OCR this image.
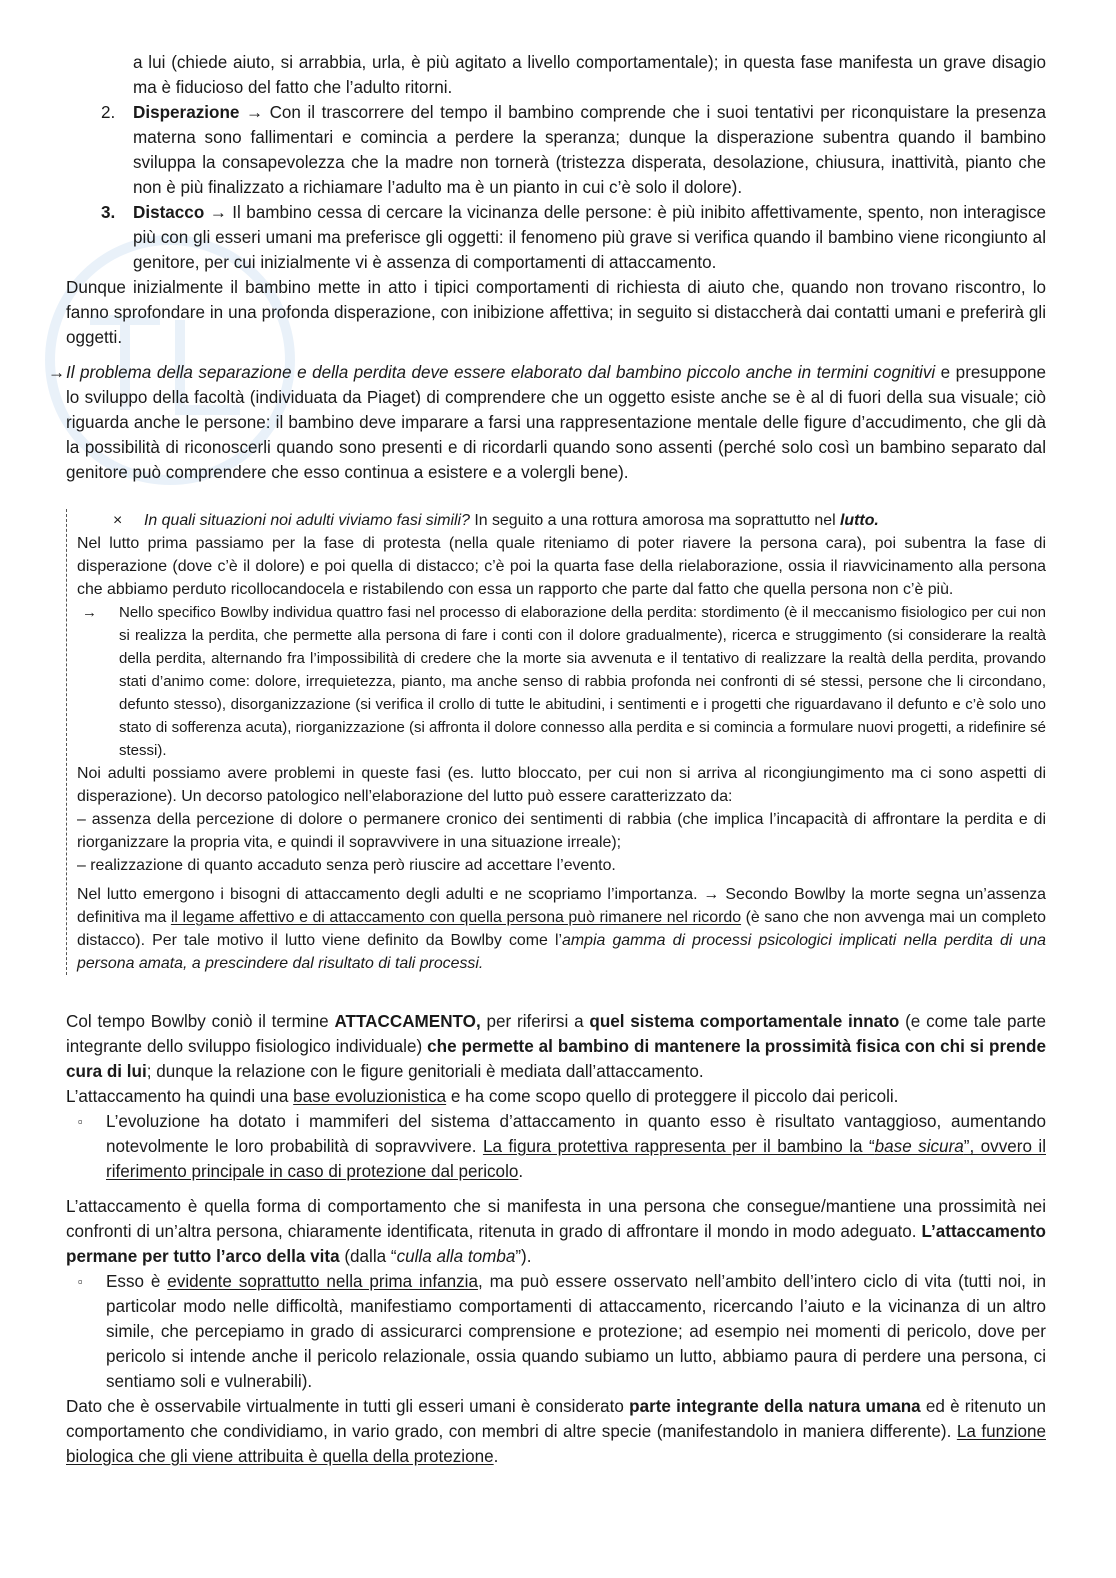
a lui (chiede aiuto, si arrabbia, urla, è più agitato a livello comportamentale); in questa fase manifesta un grave disagio ma è fiducioso del fatto che l’adulto ritorni.

2. Disperazione → Con il trascorrere del tempo il bambino comprende che i suoi tentativi per riconquistare la presenza materna sono fallimentari e comincia a perdere la speranza; dunque la disperazione subentra quando il bambino sviluppa la consapevolezza che la madre non tornerà (tristezza disperata, desolazione, chiusura, inattività, pianto che non è più finalizzato a richiamare l’adulto ma è un pianto in cui c’è solo il dolore).
3. Distacco → Il bambino cessa di cercare la vicinanza delle persone: è più inibito affettivamente, spento, non interagisce più con gli esseri umani ma preferisce gli oggetti: il fenomeno più grave si verifica quando il bambino viene ricongiunto al genitore, per cui inizialmente vi è assenza di comportamenti di attaccamento.

Dunque inizialmente il bambino mette in atto i tipici comportamenti di richiesta di aiuto che, quando non trovano riscontro, lo fanno sprofondare in una profonda disperazione, con inibizione affettiva; in seguito si distaccherà dai contatti umani e preferirà gli oggetti.

→ Il problema della separazione e della perdita deve essere elaborato dal bambino piccolo anche in termini cognitivi e presuppone lo sviluppo della facoltà (individuata da Piaget) di comprendere che un oggetto esiste anche se è al di fuori della sua visuale; ciò riguarda anche le persone: il bambino deve imparare a farsi una rappresentazione mentale delle figure d’accudimento, che gli dà la possibilità di riconoscerli quando sono presenti e di ricordarli quando sono assenti (perché solo così un bambino separato dal genitore può comprendere che esso continua a esistere e a volergli bene).

× In quali situazioni noi adulti viviamo fasi simili? In seguito a una rottura amorosa ma soprattutto nel lutto.

Nel lutto prima passiamo per la fase di protesta (nella quale riteniamo di poter riavere la persona cara), poi subentra la fase di disperazione (dove c’è il dolore) e poi quella di distacco; c’è poi la quarta fase della rielaborazione, ossia il riavvicinamento alla persona che abbiamo perduto ricollocandocela e ristabilendo con essa un rapporto che parte dal fatto che quella persona non c’è più.

→ Nello specifico Bowlby individua quattro fasi nel processo di elaborazione della perdita: stordimento (è il meccanismo fisiologico per cui non si realizza la perdita, che permette alla persona di fare i conti con il dolore gradualmente), ricerca e struggimento (si considerare la realtà della perdita, alternando fra l’impossibilità di credere che la morte sia avvenuta e il tentativo di realizzare la realtà della perdita, provando stati d’animo come: dolore, irrequietezza, pianto, ma anche senso di rabbia profonda nei confronti di sé stessi, persone che li circondano, defunto stesso), disorganizzazione (si verifica il crollo di tutte le abitudini, i sentimenti e i progetti che riguardavano il defunto e c’è solo uno stato di sofferenza acuta), riorganizzazione (si affronta il dolore connesso alla perdita e si comincia a formulare nuovi progetti, a ridefinire sé stessi).

Noi adulti possiamo avere problemi in queste fasi (es. lutto bloccato, per cui non si arriva al ricongiungimento ma ci sono aspetti di disperazione). Un decorso patologico nell’elaborazione del lutto può essere caratterizzato da:

– assenza della percezione di dolore o permanere cronico dei sentimenti di rabbia (che implica l’incapacità di affrontare la perdita e di riorganizzare la propria vita, e quindi il sopravvivere in una situazione irreale);

– realizzazione di quanto accaduto senza però riuscire ad accettare l’evento.

Nel lutto emergono i bisogni di attaccamento degli adulti e ne scopriamo l’importanza. → Secondo Bowlby la morte segna un’assenza definitiva ma il legame affettivo e di attaccamento con quella persona può rimanere nel ricordo (è sano che non avvenga mai un completo distacco). Per tale motivo il lutto viene definito da Bowlby come l’ampia gamma di processi psicologici implicati nella perdita di una persona amata, a prescindere dal risultato di tali processi.

Col tempo Bowlby coniò il termine ATTACCAMENTO, per riferirsi a quel sistema comportamentale innato (e come tale parte integrante dello sviluppo fisiologico individuale) che permette al bambino di mantenere la prossimità fisica con chi si prende cura di lui; dunque la relazione con le figure genitoriali è mediata dall’attaccamento.

L’attaccamento ha quindi una base evoluzionistica e ha come scopo quello di proteggere il piccolo dai pericoli.

▫ L’evoluzione ha dotato i mammiferi del sistema d’attaccamento in quanto esso è risultato vantaggioso, aumentando notevolmente le loro probabilità di sopravvivere. La figura protettiva rappresenta per il bambino la “base sicura”, ovvero il riferimento principale in caso di protezione dal pericolo.

L’attaccamento è quella forma di comportamento che si manifesta in una persona che consegue/mantiene una prossimità nei confronti di un’altra persona, chiaramente identificata, ritenuta in grado di affrontare il mondo in modo adeguato. L’attaccamento permane per tutto l’arco della vita (dalla “culla alla tomba”).

▫ Esso è evidente soprattutto nella prima infanzia, ma può essere osservato nell’ambito dell’intero ciclo di vita (tutti noi, in particolar modo nelle difficoltà, manifestiamo comportamenti di attaccamento, ricercando l’aiuto e la vicinanza di un altro simile, che percepiamo in grado di assicurarci comprensione e protezione; ad esempio nei momenti di pericolo, dove per pericolo si intende anche il pericolo relazionale, ossia quando subiamo un lutto, abbiamo paura di perdere una persona, ci sentiamo soli e vulnerabili).

Dato che è osservabile virtualmente in tutti gli esseri umani è considerato parte integrante della natura umana ed è ritenuto un comportamento che condividiamo, in vario grado, con membri di altre specie (manifestandolo in maniera differente). La funzione biologica che gli viene attribuita è quella della protezione.
